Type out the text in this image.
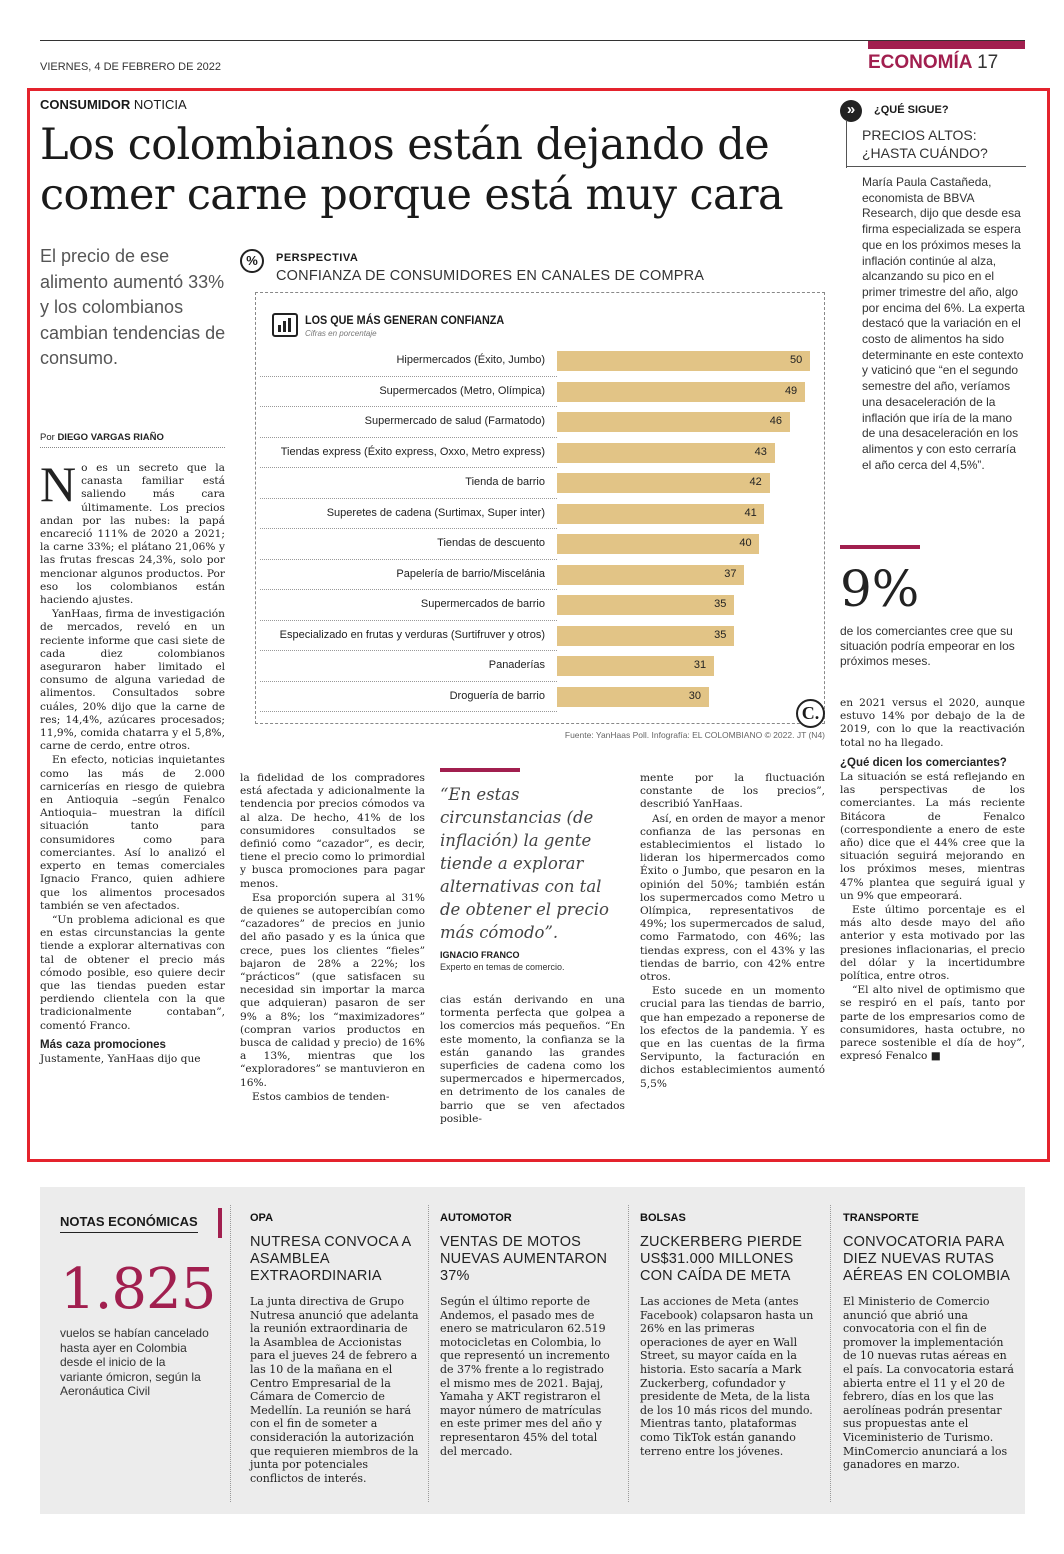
VIERNES, 4 DE FEBRERO DE 2022	ECONOMÍA 17
CONSUMIDOR NOTICIA
Los colombianos están dejando de comer carne porque está muy cara
El precio de ese alimento aumentó 33% y los colombianos cambian tendencias de consumo.
Por DIEGO VARGAS RIAÑO
%	PERSPECTIVA
CONFIANZA DE CONSUMIDORES EN CANALES DE COMPRA
LOS QUE MÁS GENERAN CONFIANZA
Cifras en porcentaje
Hipermercados (Éxito, Jumbo)	50
Supermercados (Metro, Olímpica)	49
Supermercado de salud (Farmatodo)	46
Tiendas express (Éxito express, Oxxo, Metro express)	43
Tienda de barrio	42
Superetes de cadena (Surtimax, Super inter)	41
Tiendas de descuento	40
Papelería de barrio/Miscelánia	37
Supermercados de barrio	35
Especializado en frutas y verduras (Surtifruver y otros)	35
Panaderías	31
Droguería de barrio	30
C.
Fuente: YanHaas Poll. Infografía: EL COLOMBIANO © 2022. JT (N4)

No es un secreto que la canasta familiar está saliendo más cara últimamente. Los precios andan por las nubes: la papá encareció 111% de 2020 a 2021; la carne 33%; el plátano 21,06% y las frutas frescas 24,3%, solo por mencionar algunos productos. Por eso los colombianos están haciendo ajustes.

YanHaas, firma de investigación de mercados, reveló en un reciente informe que casi siete de cada diez colombianos aseguraron haber limitado el consumo de alguna variedad de alimentos. Consultados sobre cuáles, 20% dijo que la carne de res; 14,4%, azúcares procesados; 11,9%, comida chatarra y el 5,8%, carne de cerdo, entre otros.

En efecto, noticias inquietantes como las más de 2.000 carnicerías en riesgo de quiebra en Antioquia –según Fenalco Antioquia– muestran la difícil situación tanto para consumidores como para comerciantes. Así lo analizó el experto en temas comerciales Ignacio Franco, quien adhiere que los alimentos procesados también se ven afectados.

“Un problema adicional es que en estas circunstancias la gente tiende a explorar alternativas con tal de obtener el precio más cómodo posible, eso quiere decir que las tiendas pueden estar perdiendo clientela con la que tradicionalmente contaban”, comentó Franco.

Más caza promociones

Justamente, YanHaas dijo que

la fidelidad de los compradores está afectada y adicionalmente la tendencia por precios cómodos va al alza. De hecho, 41% de los consumidores consultados se definió como “cazador”, es decir, tiene el precio como lo primordial y busca promociones para pagar menos.

Esa proporción supera al 31% de quienes se autopercibían como “cazadores” de precios en junio del año pasado y es la única que crece, pues los clientes “fieles” bajaron de 28% a 22%; los “prácticos” (que satisfacen su necesidad sin importar la marca que adquieran) pasaron de ser 9% a 8%; los “maximizadores” (compran varios productos en busca de calidad y precio) de 16% a 13%, mientras que los “exploradores” se mantuvieron en 16%.

Estos cambios de tenden-

“En estas circunstancias (de inflación) la gente tiende a explorar alternativas con tal de obtener el precio más cómodo”.
IGNACIO FRANCO
Experto en temas de comercio.

cias están derivando en una tormenta perfecta que golpea a los comercios más pequeños. “En este momento, la confianza se la están ganando las grandes superficies de cadena como los supermercados e hipermercados, en detrimento de los canales de barrio que se ven afectados posible-

mente por la fluctuación constante de los precios”, describió YanHaas.

Así, en orden de mayor a menor confianza de las personas en establecimientos el listado lo lideran los hipermercados como Éxito o Jumbo, que pesaron en la opinión del 50%; también están los supermercados como Metro u Olímpica, representativos de 49%; los supermercados de salud, como Farmatodo, con 46%; las tiendas express, con el 43% y las tiendas de barrio, con 42% entre otros.

Esto sucede en un momento crucial para las tiendas de barrio, que han empezado a reponerse de los efectos de la pandemia. Y es que en las cuentas de la firma Servipunto, la facturación en dichos establecimientos aumentó 5,5%

»	¿QUÉ SIGUE?
PRECIOS ALTOS: ¿HASTA CUÁNDO?
María Paula Castañeda, economista de BBVA Research, dijo que desde esa firma especializada se espera que en los próximos meses la inflación continúe al alza, alcanzando su pico en el primer trimestre del año, algo por encima del 6%. La experta destacó que la variación en el costo de alimentos ha sido determinante en este contexto y vaticinó que “en el segundo semestre del año, veríamos una desaceleración de la inflación que iría de la mano de una desaceleración en los alimentos y con esto cerraría el año cerca del 4,5%”.
9%
de los comerciantes cree que su situación podría empeorar en los próximos meses.

en 2021 versus el 2020, aunque estuvo 14% por debajo de la de 2019, con lo que la reactivación total no ha llegado.

¿Qué dicen los comerciantes?

La situación se está reflejando en las perspectivas de los comerciantes. La más reciente Bitácora de Fenalco (correspondiente a enero de este año) dice que el 44% cree que la situación seguirá mejorando en los próximos meses, mientras 47% plantea que seguirá igual y un 9% que empeorará.

Este último porcentaje es el más alto desde mayo del año anterior y esta motivado por las presiones inflacionarias, el precio del dólar y la incertidumbre política, entre otros.

“El alto nivel de optimismo que se respiró en el país, tanto por parte de los empresarios como de consumidores, hasta octubre, no parece sostenible el día de hoy”, expresó Fenalco ■

NOTAS ECONÓMICAS
1.825
vuelos se habían cancelado hasta ayer en Colombia desde el inicio de la variante ómicron, según la Aeronáutica Civil
OPA
NUTRESA CONVOCA A ASAMBLEA EXTRAORDINARIA
La junta directiva de Grupo Nutresa anunció que adelanta la reunión extraordinaria de la Asamblea de Accionistas para el jueves 24 de febrero a las 10 de la mañana en el Centro Empresarial de la Cámara de Comercio de Medellín. La reunión se hará con el fin de someter a consideración la autorización que requieren miembros de la junta por potenciales conflictos de interés.
AUTOMOTOR
VENTAS DE MOTOS NUEVAS AUMENTARON 37%
Según el último reporte de Andemos, el pasado mes de enero se matricularon 62.519 motocicletas en Colombia, lo que representó un incremento de 37% frente a lo registrado el mismo mes de 2021. Bajaj, Yamaha y AKT registraron el mayor número de matrículas en este primer mes del año y representaron 45% del total del mercado.
BOLSAS
ZUCKERBERG PIERDE US$31.000 MILLONES CON CAÍDA DE META
Las acciones de Meta (antes Facebook) colapsaron hasta un 26% en las primeras operaciones de ayer en Wall Street, su mayor caída en la historia. Esto sacaría a Mark Zuckerberg, cofundador y presidente de Meta, de la lista de los 10 más ricos del mundo. Mientras tanto, plataformas como TikTok están ganando terreno entre los jóvenes.
TRANSPORTE
CONVOCATORIA PARA DIEZ NUEVAS RUTAS AÉREAS EN COLOMBIA
El Ministerio de Comercio anunció que abrió una convocatoria con el fin de promover la implementación de 10 nuevas rutas aéreas en el país. La convocatoria estará abierta entre el 11 y el 20 de febrero, días en los que las aerolíneas podrán presentar sus propuestas ante el Viceministerio de Turismo. MinComercio anunciará a los ganadores en marzo.
